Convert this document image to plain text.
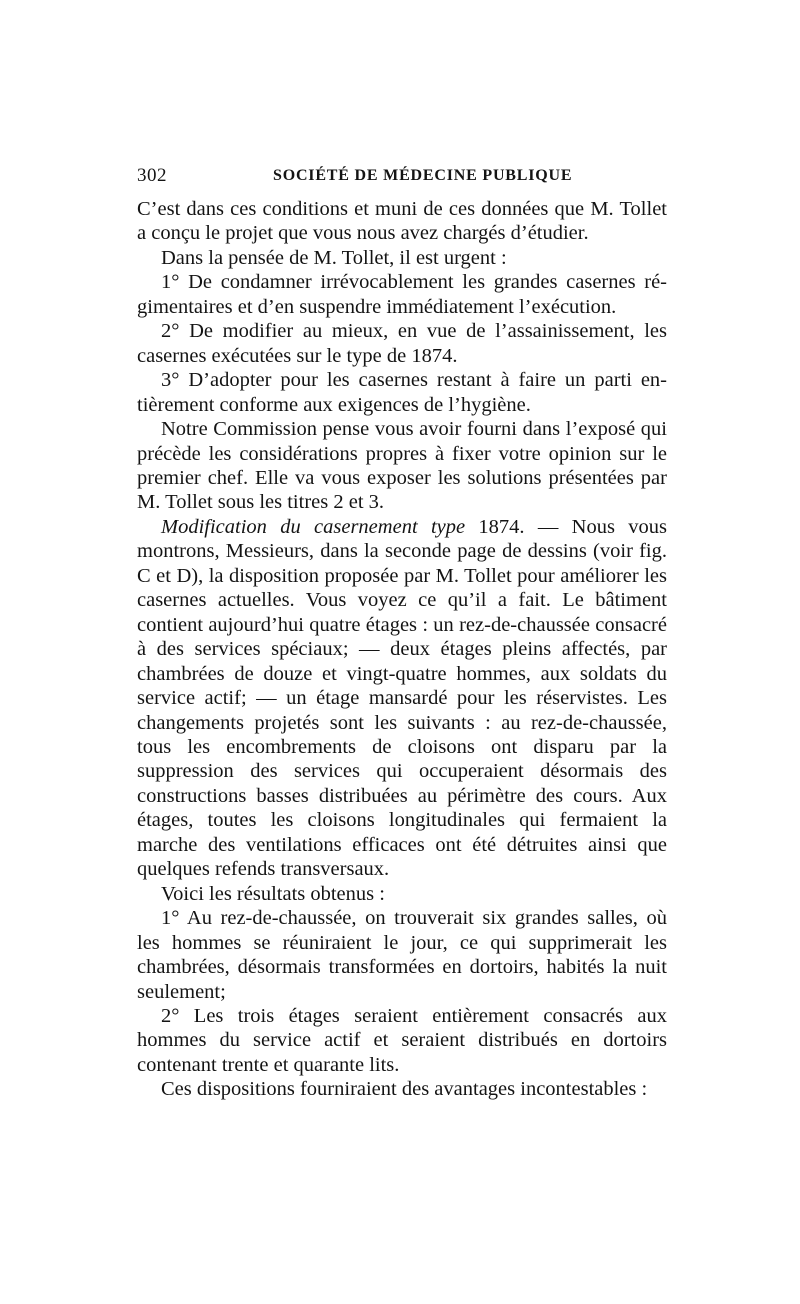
302	SOCIÉTÉ DE MÉDECINE PUBLIQUE

C’est dans ces conditions et muni de ces données que M. Tollet a conçu le projet que vous nous avez chargés d’étudier.

Dans la pensée de M. Tollet, il est urgent :

1° De condamner irrévocablement les grandes casernes régimentaires et d’en suspendre immédiatement l’exécution.

2° De modifier au mieux, en vue de l’assainissement, les casernes exécutées sur le type de 1874.

3° D’adopter pour les casernes restant à faire un parti entièrement conforme aux exigences de l’hygiène.

Notre Commission pense vous avoir fourni dans l’exposé qui précède les considérations propres à fixer votre opinion sur le premier chef. Elle va vous exposer les solutions présentées par M. Tollet sous les titres 2 et 3.

Modification du casernement type 1874. — Nous vous montrons, Messieurs, dans la seconde page de dessins (voir fig. C et D), la disposition proposée par M. Tollet pour améliorer les casernes actuelles. Vous voyez ce qu’il a fait. Le bâtiment contient aujourd’hui quatre étages : un rez-de-chaussée consacré à des services spéciaux; — deux étages pleins affectés, par chambrées de douze et vingt-quatre hommes, aux soldats du service actif; — un étage mansardé pour les réservistes. Les changements projetés sont les suivants : au rez-de-chaussée, tous les encombrements de cloisons ont disparu par la suppression des services qui occuperaient désormais des constructions basses distribuées au périmètre des cours. Aux étages, toutes les cloisons longitudinales qui fermaient la marche des ventilations efficaces ont été détruites ainsi que quelques refends transversaux.

Voici les résultats obtenus :

1° Au rez-de-chaussée, on trouverait six grandes salles, où les hommes se réuniraient le jour, ce qui supprimerait les chambrées, désormais transformées en dortoirs, habités la nuit seulement;

2° Les trois étages seraient entièrement consacrés aux hommes du service actif et seraient distribués en dortoirs contenant trente et quarante lits.

Ces dispositions fourniraient des avantages incontestables :
